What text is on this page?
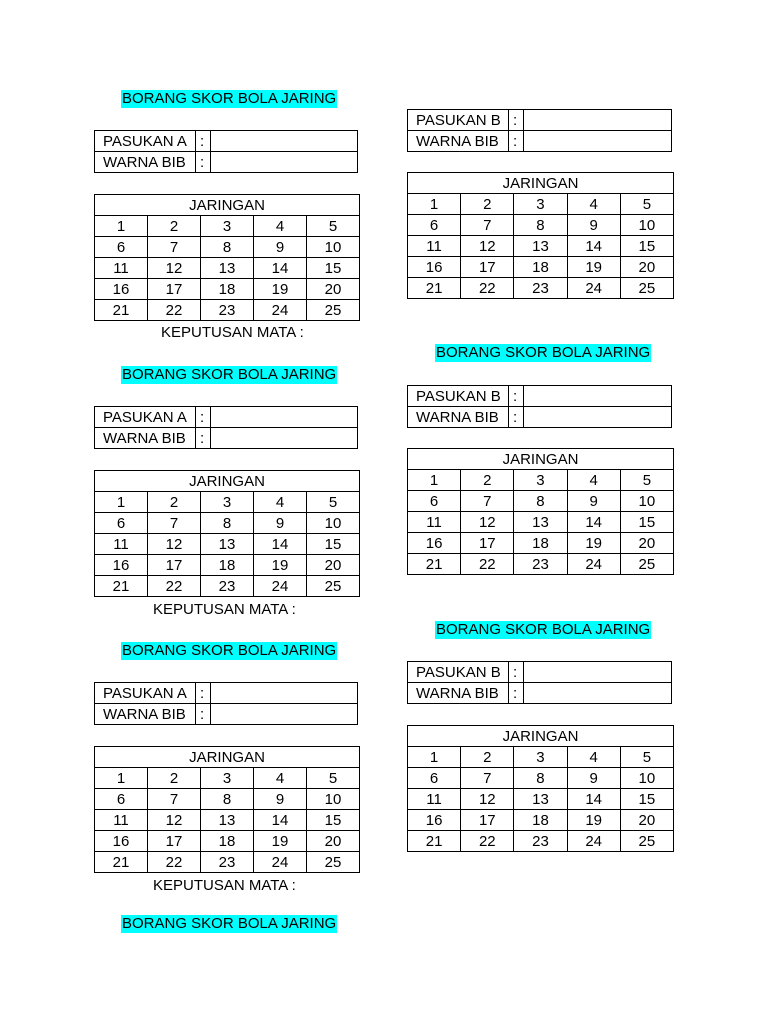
BORANG SKOR BOLA JARING
PASUKAN A	:	
WARNA BIB	:	
JARINGAN				
1	2	3	4	5
6	7	8	9	10
11	12	13	14	15
16	17	18	19	20
21	22	23	24	25
KEPUTUSAN MATA :
BORANG SKOR BOLA JARING
PASUKAN A	:	
WARNA BIB	:	
JARINGAN				
1	2	3	4	5
6	7	8	9	10
11	12	13	14	15
16	17	18	19	20
21	22	23	24	25
KEPUTUSAN MATA :
BORANG SKOR BOLA JARING
PASUKAN A	:	
WARNA BIB	:	
JARINGAN				
1	2	3	4	5
6	7	8	9	10
11	12	13	14	15
16	17	18	19	20
21	22	23	24	25
KEPUTUSAN MATA :
BORANG SKOR BOLA JARING
PASUKAN B	:	
WARNA BIB	:	
JARINGAN				
1	2	3	4	5
6	7	8	9	10
11	12	13	14	15
16	17	18	19	20
21	22	23	24	25
BORANG SKOR BOLA JARING
PASUKAN B	:	
WARNA BIB	:	
JARINGAN				
1	2	3	4	5
6	7	8	9	10
11	12	13	14	15
16	17	18	19	20
21	22	23	24	25
BORANG SKOR BOLA JARING
PASUKAN B	:	
WARNA BIB	:	
JARINGAN				
1	2	3	4	5
6	7	8	9	10
11	12	13	14	15
16	17	18	19	20
21	22	23	24	25
